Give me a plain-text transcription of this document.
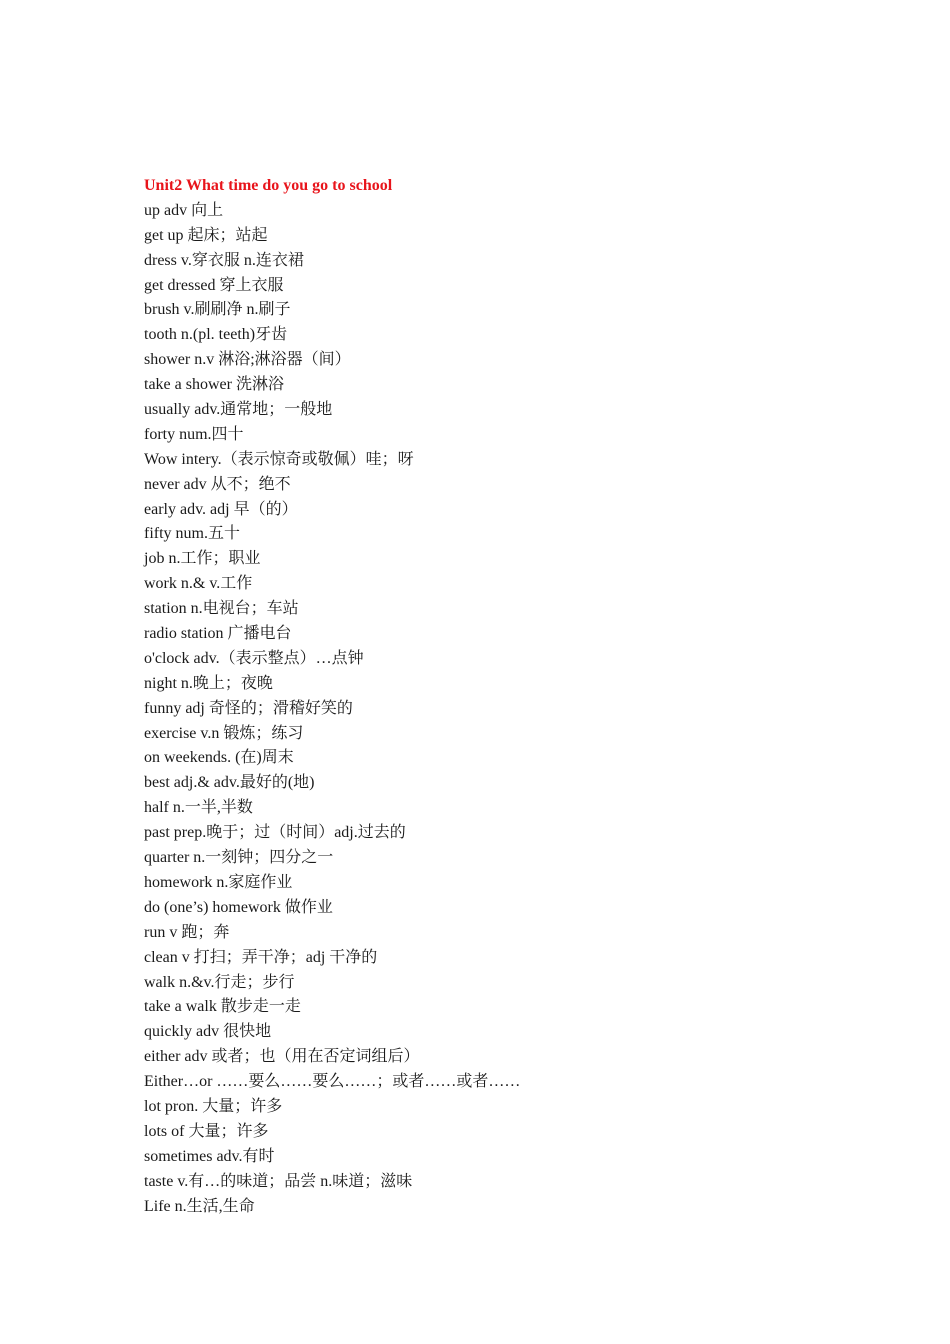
Unit2 What time do you go to school
up adv 向上
get up 起床；站起
dress v.穿衣服 n.连衣裙
get dressed 穿上衣服
brush v.刷刷净 n.刷子
tooth n.(pl. teeth)牙齿
shower n.v 淋浴;淋浴器（间）
take a shower 洗淋浴
usually adv.通常地；一般地
forty num.四十
Wow intery.（表示惊奇或敬佩）哇；呀
never adv 从不；绝不
early adv. adj 早（的）
fifty num.五十
job n.工作；职业
work n.& v.工作
station n.电视台；车站
radio station 广播电台
o'clock adv.（表示整点）…点钟
night n.晚上；夜晚
funny adj 奇怪的；滑稽好笑的
exercise v.n 锻炼；练习
on weekends. (在)周末
best adj.& adv.最好的(地)
half n.一半,半数
past prep.晚于；过（时间）adj.过去的
quarter n.一刻钟；四分之一
homework n.家庭作业
do (one’s) homework 做作业
run v 跑；奔
clean v 打扫；弄干净；adj 干净的
walk n.&v.行走；步行
take a walk 散步走一走
quickly adv 很快地
either adv 或者；也（用在否定词组后）
Either…or ……要么……要么……；或者……或者……
lot pron. 大量；许多
lots of 大量；许多
sometimes adv.有时
taste v.有…的味道；品尝 n.味道；滋味
Life n.生活,生命
